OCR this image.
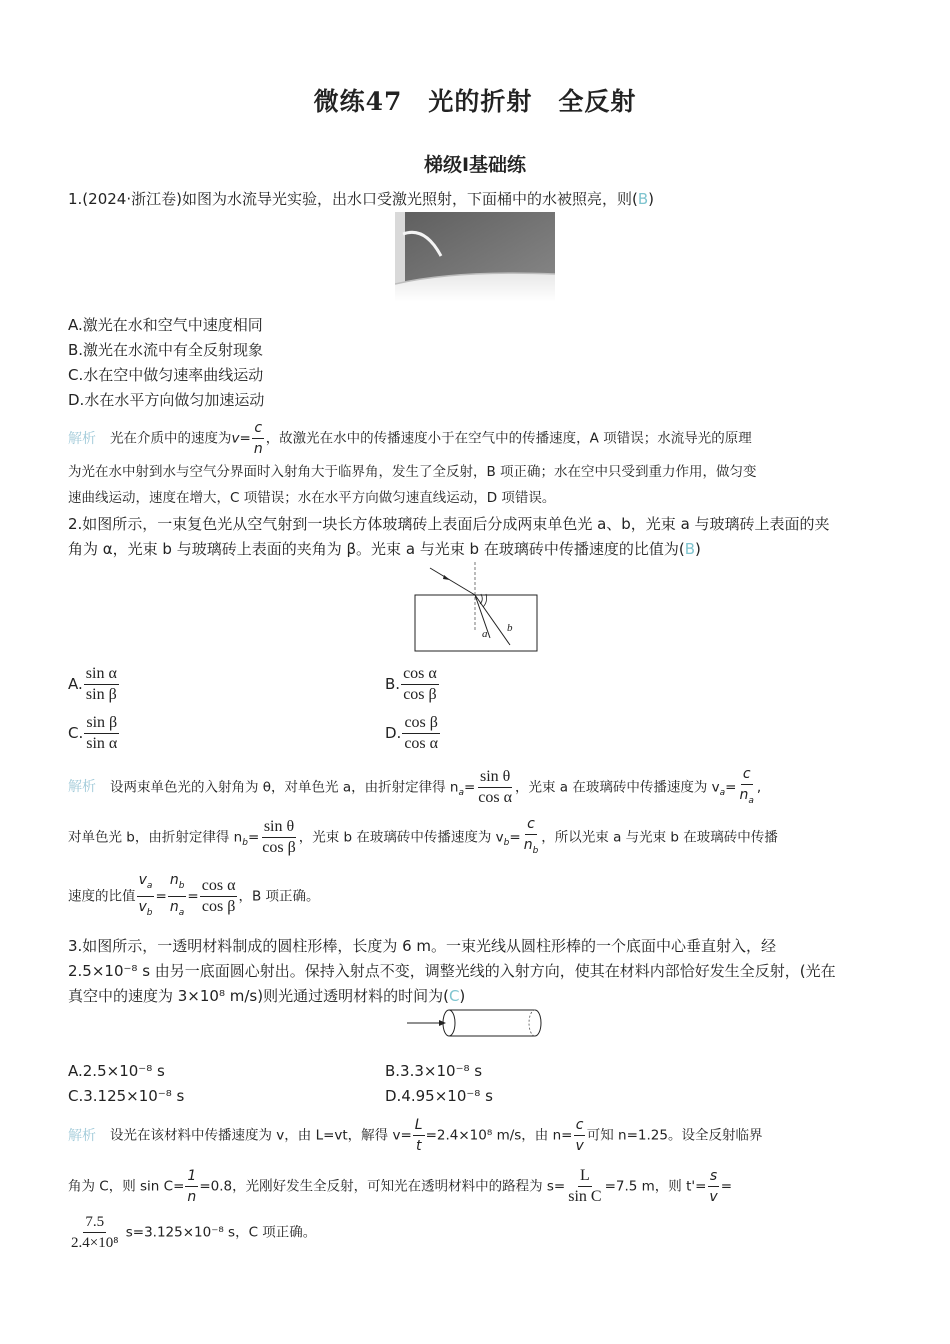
微练47　光的折射　全反射
梯级Ⅰ基础练
1.(2024·浙江卷)如图为水流导光实验，出水口受激光照射，下面桶中的水被照亮，则(B)
A.激光在水和空气中速度相同
B.激光在水流中有全反射现象
C.水在空中做匀速率曲线运动
D.水在水平方向做匀加速运动
解析 光在介质中的速度为$v= \frac{c}{n}$ ，故激光在水中的传播速度小于在空气中的传播速度，A 项错误；水流导光的原理
为光在水中射到水与空气分界面时入射角大于临界角，发生了全反射，B 项正确；水在空中只受到重力作用，做匀变
速曲线运动，速度在增大，C 项错误；水在水平方向做匀速直线运动，D 项错误。
2.如图所示，一束复色光从空气射到一块长方体玻璃砖上表面后分成两束单色光 a、b，光束 a 与玻璃砖上表面的夹
角为 α，光束 b 与玻璃砖上表面的夹角为 β。光束 a 与光束 b 在玻璃砖中传播速度的比值为(B)
a b
A. $\frac{\text{sin α}}{\text{sin β}}$	B. $\frac{\text{cos α}}{\text{cos β}}$
C. $\frac{\text{sin β}}{\text{sin α}}$	D. $\frac{\text{cos β}}{\text{cos α}}$
解析 设两束单色光的入射角为 θ，对单色光 a，由折射定律得 $n_a= \frac{\text{sin θ}}{\text{cos α}}$ ，光束 a 在玻璃砖中传播速度为 $v_a= \frac{c}{n_a}$ ,
对单色光 b，由折射定律得 $n_b= \frac{\text{sin θ}}{\text{cos β}}$ ，光束 b 在玻璃砖中传播速度为 $v_b= \frac{c}{n_b}$ ，所以光束 a 与光束 b 在玻璃砖中传播
速度的比值 $\frac{v_a}{v_b} = \frac{n_b}{n_a} = \frac{\text{cos α}}{\text{cos β}}$ ，B 项正确。
3.如图所示，一透明材料制成的圆柱形棒，长度为 6 m。一束光线从圆柱形棒的一个底面中心垂直射入，经
2.5×10⁻⁸ s 由另一底面圆心射出。保持入射点不变，调整光线的入射方向，使其在材料内部恰好发生全反射，(光在
真空中的速度为 3×10⁸ m/s)则光通过透明材料的时间为(C)
A.2.5×10⁻⁸ s	B.3.3×10⁻⁸ s
C.3.125×10⁻⁸ s	D.4.95×10⁻⁸ s
解析 设光在该材料中传播速度为 v，由 L=vt，解得 $v= \frac{L}{t} =2.4\times 10^8$ m/s，由 $n= \frac{c}{v}$ 可知 n=1.25。设全反射临界
角为 C，则 $\sin C= \frac{1}{n} =0.8$，光刚好发生全反射，可知光在透明材料中的路程为 $s= \frac{L}{\text{sin C}} =7.5$ m，则 $t'= \frac{s}{v}$ =
$\frac{7.5}{\text{2.4×10⁸}} s=3.125\times 10^{-8}$ s，C 项正确。
